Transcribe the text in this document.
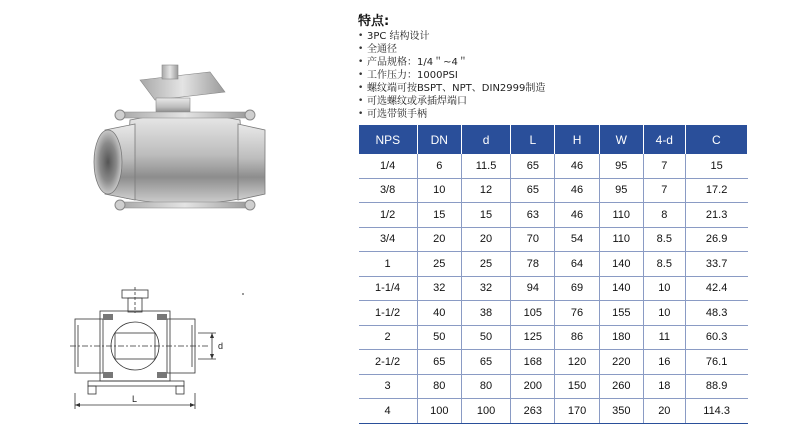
d
L
特点:
• 3PC 结构设计
• 全通径
• 产品规格：1/4＂~4＂
• 工作压力：1000PSI
• 螺纹端可按BSPT、NPT、DIN2999制造
• 可选螺纹或承插焊端口
• 可选带锁手柄
NPS	DN	d	L	H	W	4-d	C
1/4	6	11.5	65	46	95	7	15
3/8	10	12	65	46	95	7	17.2
1/2	15	15	63	46	110	8	21.3
3/4	20	20	70	54	110	8.5	26.9
1	25	25	78	64	140	8.5	33.7
1-1/4	32	32	94	69	140	10	42.4
1-1/2	40	38	105	76	155	10	48.3
2	50	50	125	86	180	11	60.3
2-1/2	65	65	168	120	220	16	76.1
3	80	80	200	150	260	18	88.9
4	100	100	263	170	350	20	114.3
